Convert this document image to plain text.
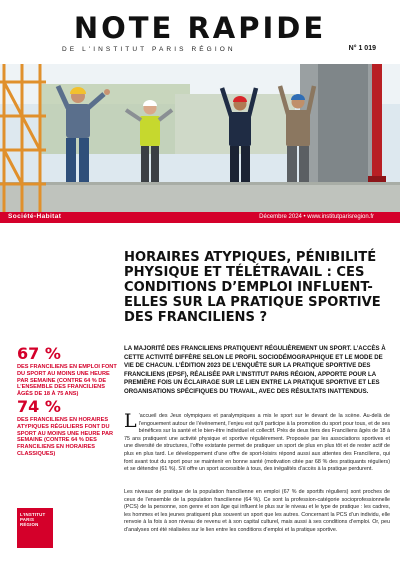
NOTE RAPIDE
DE L'INSTITUT PARIS RÉGION	N° 1 019
Société-Habitat	Décembre 2024 • www.institutparisregion.fr
HORAIRES ATYPIQUES, PÉNIBILITÉ PHYSIQUE ET TÉLÉTRAVAIL : CES CONDITIONS D’EMPLOI INFLUENT-ELLES SUR LA PRATIQUE SPORTIVE DES FRANCILIENS ?

LA MAJORITÉ DES FRANCILIENS PRATIQUENT RÉGULIÈREMENT UN SPORT. L’ACCÈS À CETTE ACTIVITÉ DIFFÈRE SELON LE PROFIL SOCIODÉMOGRAPHIQUE ET LE MODE DE VIE DE CHACUN. L’ÉDITION 2023 DE L’ENQUÊTE SUR LA PRATIQUE SPORTIVE DES FRANCILIENS (EPSF), RÉALISÉE PAR L’INSTITUT PARIS RÉGION, APPORTE POUR LA PREMIÈRE FOIS UN ÉCLAIRAGE SUR LE LIEN ENTRE LA PRATIQUE SPORTIVE ET LES ORGANISATIONS SPÉCIFIQUES DU TRAVAIL, AVEC DES RÉSULTATS INATTENDUS.

67 %
DES FRANCILIENS EN EMPLOI FONT DU SPORT AU MOINS UNE HEURE PAR SEMAINE (CONTRE 64 % DE L’ENSEMBLE DES FRANCILIENS ÂGÉS DE 18 À 75 ANS)
74 %
DES FRANCILIENS EN HORAIRES ATYPIQUES RÉGULIERS FONT DU SPORT AU MOINS UNE HEURE PAR SEMAINE (CONTRE 64 % DES FRANCILIENS EN HORAIRES CLASSIQUES)
L ’accueil des Jeux olympiques et paralympiques a mis le sport sur le devant de la scène. Au-delà de l’engouement autour de l’événement, l’enjeu est qu’il participe à la promotion du sport pour tous, et de ses bénéfices sur la santé et le bien-être individuel et collectif. Près de deux tiers des Franciliens âgés de 18 à 75 ans pratiquent une activité physique et sportive régulièrement. Proposée par les associations sportives et une diversité de structures, l’offre existante permet de pratiquer un sport de plus en plus tôt et de rester actif de plus en plus tard. Le développement d’une offre de sport-loisirs répond aussi aux attentes des Franciliens, qui font avant tout du sport pour se maintenir en bonne santé (motivation citée par 68 % des pratiquants réguliers) et se détendre (61 %). S’il offre un sport accessible à tous, des inégalités d’accès à la pratique perdurent.
Les niveaux de pratique de la population francilienne en emploi (67 % de sportifs réguliers) sont proches de ceux de l’ensemble de la population francilienne (64 %). Ce sont la profession-catégorie socioprofessionnelle (PCS) de la personne, son genre et son âge qui influent le plus sur le niveau et le type de pratique : les cadres, les hommes et les jeunes pratiquent plus souvent un sport que les autres. Concernant la PCS d’un individu, elle renvoie à la fois à son niveau de revenu et à son capital culturel, mais aussi à ses conditions d’emploi. Or, peu d’analyses ont été réalisées sur le lien entre les conditions d’emploi et la pratique sportive.
L’INSTITUT
PARIS
RÉGION
